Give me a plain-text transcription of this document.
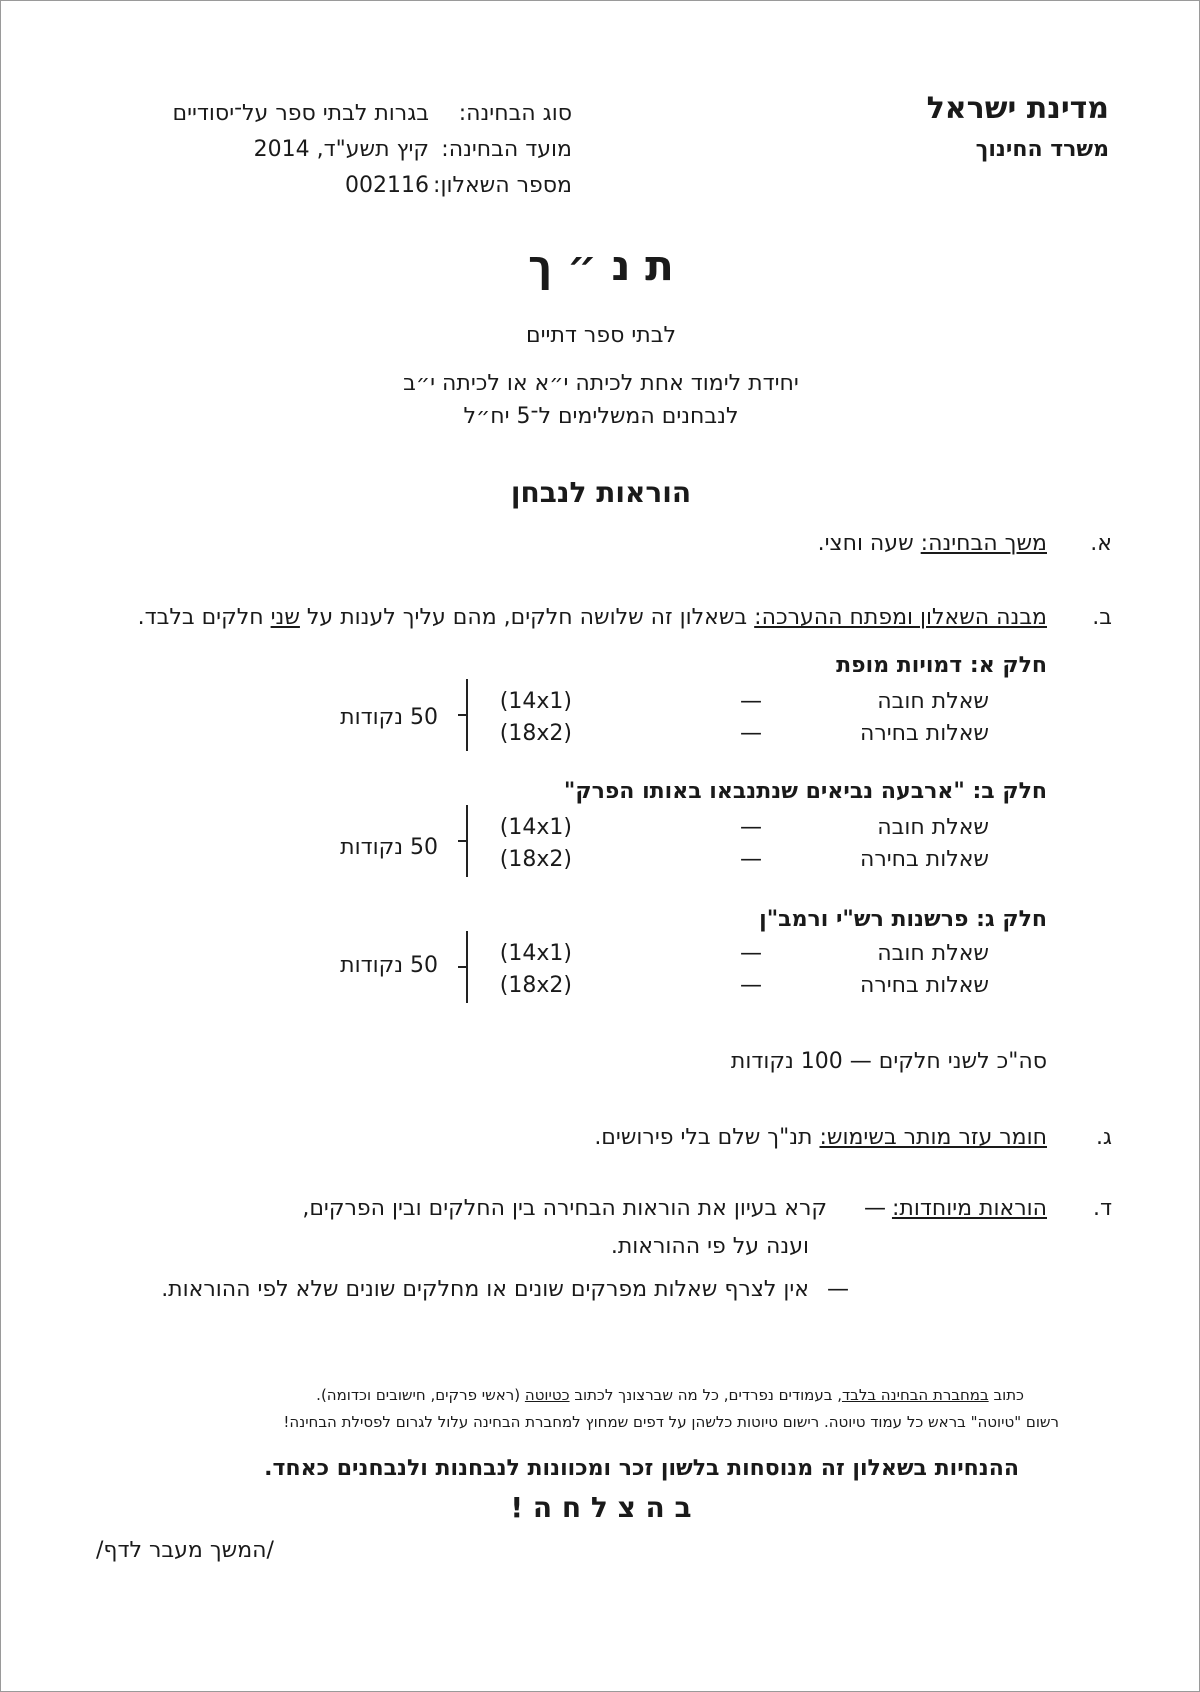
מדינת ישראל
משרד החינוך
סוג הבחינה:
בגרות לבתי ספר על־יסודיים
מועד הבחינה:
קיץ תשע"ד, 2014
מספר השאלון:
002116
ת נ ״ ך
לבתי ספר דתיים
יחידת לימוד אחת לכיתה י״א או לכיתה י״ב
לנבחנים המשלימים ל־5 יח״ל
הוראות לנבחן
א.
משך הבחינה: שעה וחצי.
ב.
מבנה השאלון ומפתח ההערכה: בשאלון זה שלושה חלקים, מהם עליך לענות על שני חלקים בלבד.
חלק א: דמויות מופת
שאלת חובה
—
(14x1)
שאלות בחירה
—
(18x2)
50 נקודות
חלק ב: "ארבעה נביאים שנתנבאו באותו הפרק"
שאלת חובה
—
(14x1)
שאלות בחירה
—
(18x2)
50 נקודות
חלק ג: פרשנות רש"י ורמב"ן
שאלת חובה
—
(14x1)
שאלות בחירה
—
(18x2)
50 נקודות
סה"כ לשני חלקים — 100 נקודות
ג.
חומר עזר מותר בשימוש: תנ"ך שלם בלי פירושים.
ד.
הוראות מיוחדות:
—
קרא בעיון את הוראות הבחירה בין החלקים ובין הפרקים,
וענה על פי ההוראות.
—
אין לצרף שאלות מפרקים שונים או מחלקים שונים שלא לפי ההוראות.
כתוב במחברת הבחינה בלבד, בעמודים נפרדים, כל מה שברצונך לכתוב כטיוטה (ראשי פרקים, חישובים וכדומה).
רשום "טיוטה" בראש כל עמוד טיוטה. רישום טיוטות כלשהן על דפים שמחוץ למחברת הבחינה עלול לגרום לפסילת הבחינה!
ההנחיות בשאלון זה מנוסחות בלשון זכר ומכוונות לנבחנות ולנבחנים כאחד.
ב ה צ ל ח ה !
/המשך מעבר לדף/
